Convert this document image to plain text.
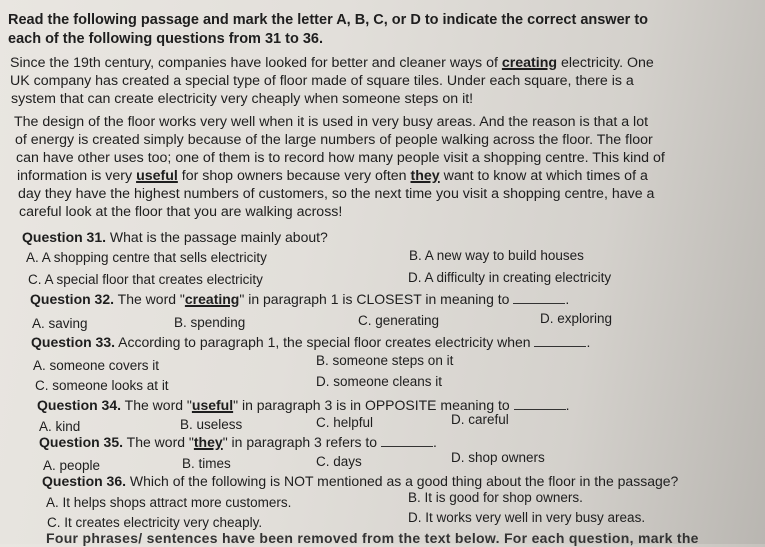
Read the following passage and mark the letter A, B, C, or D to indicate the correct answer to
each of the following questions from 31 to 36.
Since the 19th century, companies have looked for better and cleaner ways of creating electricity. One
UK company has created a special type of floor made of square tiles. Under each square, there is a
system that can create electricity very cheaply when someone steps on it!
The design of the floor works very well when it is used in very busy areas. And the reason is that a lot
of energy is created simply because of the large numbers of people walking across the floor. The floor
can have other uses too; one of them is to record how many people visit a shopping centre. This kind of
information is very useful for shop owners because very often they want to know at which times of a
day they have the highest numbers of customers, so the next time you visit a shopping centre, have a
careful look at the floor that you are walking across!
Question 31. What is the passage mainly about?
A. A shopping centre that sells electricity	B. A new way to build houses
C. A special floor that creates electricity	D. A difficulty in creating electricity
Question 32. The word "creating" in paragraph 1 is CLOSEST in meaning to	.
A. saving	B. spending	C. generating	D. exploring
Question 33. According to paragraph 1, the special floor creates electricity when	.
A. someone covers it	B. someone steps on it
C. someone looks at it	D. someone cleans it
Question 34. The word "useful" in paragraph 3 is in OPPOSITE meaning to	.
A. kind	B. useless	C. helpful	D. careful
Question 35. The word "they" in paragraph 3 refers to	.
A. people	B. times	C. days	D. shop owners
Question 36. Which of the following is NOT mentioned as a good thing about the floor in the passage?
A. It helps shops attract more customers.	B. It is good for shop owners.
C. It creates electricity very cheaply.	D. It works very well in very busy areas.
Four phrases/ sentences have been removed from the text below. For each question, mark the
